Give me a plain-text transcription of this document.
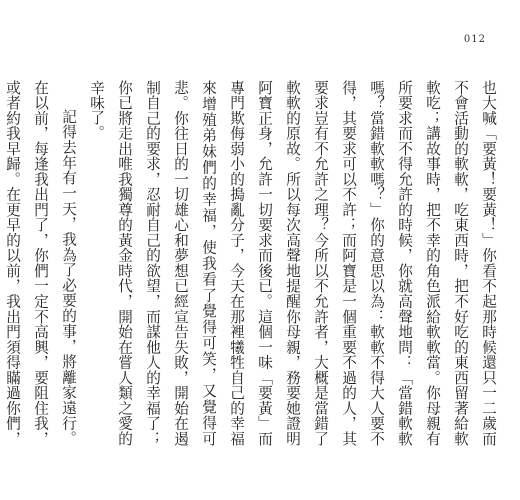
012

也大喊「要黃！要黃！」你看不起那時候還只一二歲而不會活動的軟軟，吃東西時，把不好吃的東西留著給軟軟吃；講故事時，把不幸的角色派給軟軟當。你母親有所要求而不得允許的時候，你就高聲地問：「當錯軟軟嗎？當錯軟軟嗎？」你的意思以為：軟軟不得大人要不得，其要求可以不許；而阿寶是一個重要不過的人，其要求豈有不允許之理？今所以不允許者，大概是當錯了軟軟的原故。所以每次高聲地提醒你母親，務要她證明阿寶正身，允許一切要求而後已。這個一味「要黃」而專門欺侮弱小的搗亂分子，今天在那裡犧牲自己的幸福來增殖弟妹們的幸福，使我看了覺得可笑，又覺得可悲。你往日的一切雄心和夢想已經宣告失敗，開始在遏制自己的要求，忍耐自己的欲望，而謀他人的幸福了；你已將走出唯我獨尊的黃金時代，開始在嘗人類之愛的辛味了。

記得去年有一天，我為了必要的事，將離家遠行。在以前，每逢我出門了，你們一定不高興，要阻住我，或者約我早歸。在更早的以前，我出門須得瞞過你們，
